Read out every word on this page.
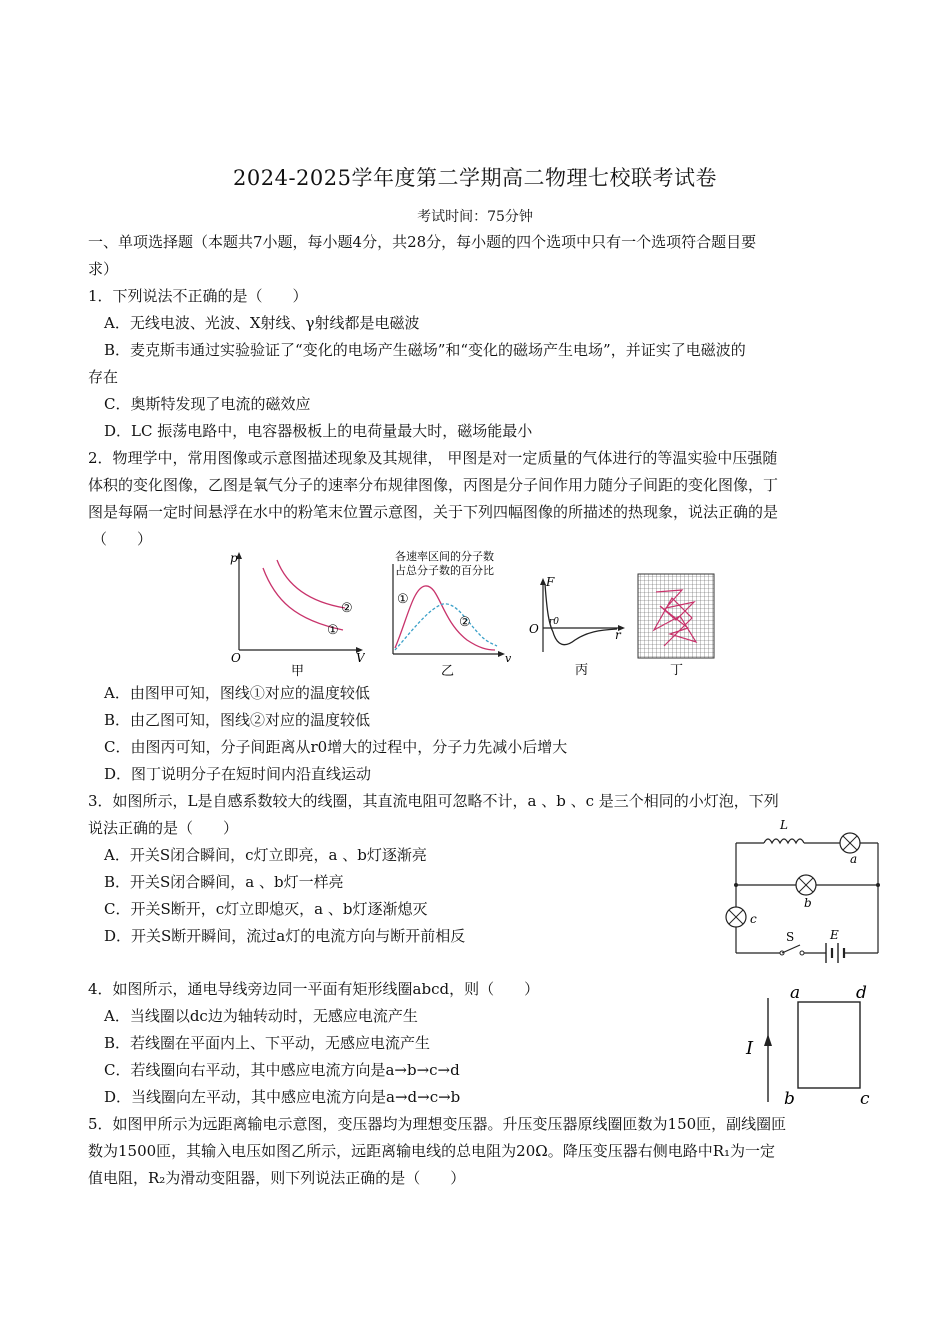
2024-2025学年度第二学期高二物理七校联考试卷
考试时间：75分钟
一、单项选择题（本题共7小题，每小题4分，共28分，每小题的四个选项中只有一个选项符合题目要
求）
1．下列说法不正确的是（　　）
A．无线电波、光波、X射线、γ射线都是电磁波
B．麦克斯韦通过实验验证了“变化的电场产生磁场”和“变化的磁场产生电场”，并证实了电磁波的
存在
C．奥斯特发现了电流的磁效应
D．LC 振荡电路中，电容器极板上的电荷量最大时，磁场能最小
2．物理学中，常用图像或示意图描述现象及其规律， 甲图是对一定质量的气体进行的等温实验中压强随
体积的变化图像，乙图是氧气分子的速率分布规律图像，丙图是分子间作用力随分子间距的变化图像，丁
图是每隔一定时间悬浮在水中的粉笔末位置示意图，关于下列四幅图像的所描述的热现象，说法正确的是
（　　）
p
O	V
①
②
甲
各速率区间的分子数
占总分子数的百分比
①
②
v
乙
F
O r0
r
丙	丁
A．由图甲可知，图线①对应的温度较低
B．由乙图可知，图线②对应的温度较低
C．由图丙可知，分子间距离从r0增大的过程中，分子力先减小后增大
D．图丁说明分子在短时间内沿直线运动
3．如图所示，L是自感系数较大的线圈，其直流电阻可忽略不计，a 、b 、c 是三个相同的小灯泡，下列
说法正确的是（　　）
A．开关S闭合瞬间，c灯立即亮，a 、b灯逐渐亮
B．开关S闭合瞬间，a 、b灯一样亮
C．开关S断开，c灯立即熄灭，a 、b灯逐渐熄灭
D．开关S断开瞬间，流过a灯的电流方向与断开前相反
L
a
b
c
S	E
4．如图所示，通电导线旁边同一平面有矩形线圈abcd，则（　　）
A．当线圈以dc边为轴转动时，无感应电流产生
B．若线圈在平面内上、下平动，无感应电流产生
C．若线圈向右平动，其中感应电流方向是a→b→c→d
D．当线圈向左平动，其中感应电流方向是a→d→c→b
I
a	d
b	c
5．如图甲所示为远距离输电示意图，变压器均为理想变压器。升压变压器原线圈匝数为150匝，副线圈匝
数为1500匝，其输入电压如图乙所示，远距离输电线的总电阻为20Ω。降压变压器右侧电路中R₁为一定
值电阻，R₂为滑动变阻器，则下列说法正确的是（　　）
